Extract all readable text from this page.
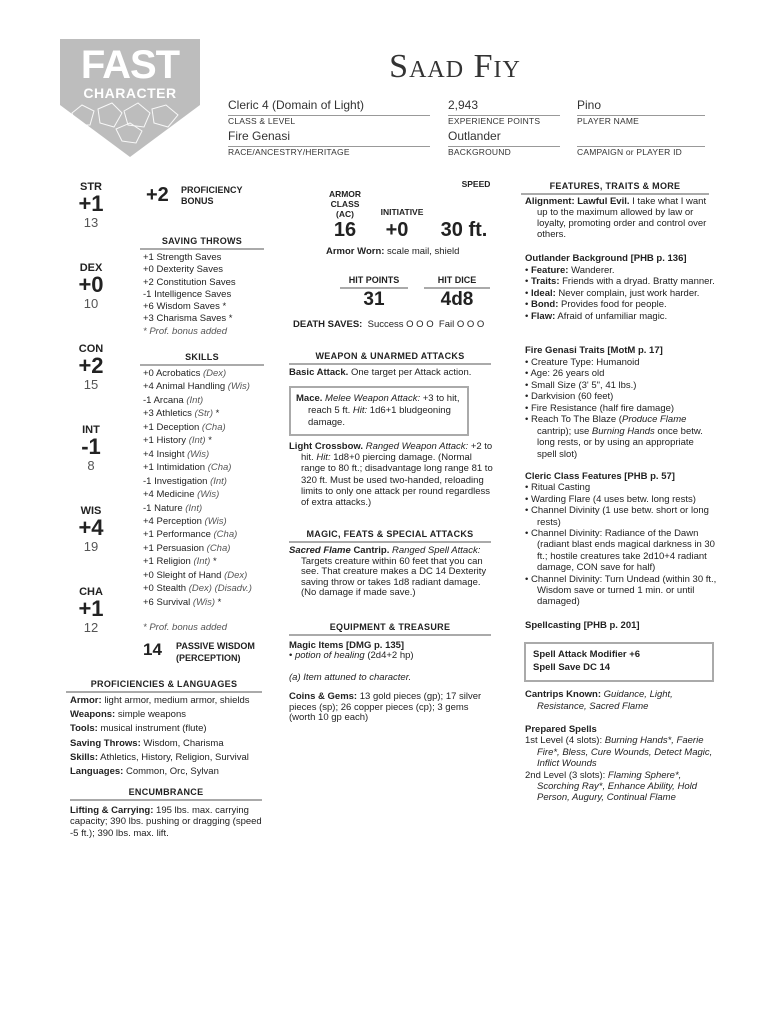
FAST
CHARACTER
Saad Fiy
Cleric 4 (Domain of Light)
CLASS & LEVEL
2,943
EXPERIENCE POINTS
Pino
PLAYER NAME
Fire Genasi
RACE/ANCESTRY/HERITAGE
Outlander
BACKGROUND	CAMPAIGN or PLAYER ID
STR
+1
13
DEX
+0
10
CON
+2
15
INT
-1
8
WIS
+4
19
CHA
+1
12
+2 PROFICIENCY
BONUS
SAVING THROWS
+1 Strength Saves
+0 Dexterity Saves
+2 Constitution Saves
-1 Intelligence Saves
+6 Wisdom Saves *
+3 Charisma Saves *
* Prof. bonus added
SKILLS
+0 Acrobatics (Dex)
+4 Animal Handling (Wis)
-1 Arcana (Int)
+3 Athletics (Str) *
+1 Deception (Cha)
+1 History (Int) *
+4 Insight (Wis)
+1 Intimidation (Cha)
-1 Investigation (Int)
+4 Medicine (Wis)
-1 Nature (Int)
+4 Perception (Wis)
+1 Performance (Cha)
+1 Persuasion (Cha)
+1 Religion (Int) *
+0 Sleight of Hand (Dex)
+0 Stealth (Dex) (Disadv.)
+6 Survival (Wis) *
* Prof. bonus added
14 PASSIVE WISDOM
(PERCEPTION)
PROFICIENCIES & LANGUAGES
Armor: light armor, medium armor, shields
Weapons: simple weapons
Tools: musical instrument (flute)
Saving Throws: Wisdom, Charisma
Skills: Athletics, History, Religion, Survival
Languages: Common, Orc, Sylvan
ENCUMBRANCE
Lifting & Carrying: 195 lbs. max. carrying capacity; 390 lbs. pushing or dragging (speed -5 ft.); 390 lbs. max. lift.
ARMOR CLASS (AC)
16
INITIATIVE
+0
SPEED
30 ft.
Armor Worn: scale mail, shield
HIT POINTS
31
HIT DICE
4d8
DEATH SAVES: Success O O O Fail O O O
WEAPON & UNARMED ATTACKS
Basic Attack. One target per Attack action.
Mace. Melee Weapon Attack: +3 to hit, reach 5 ft. Hit: 1d6+1 bludgeoning damage.
Light Crossbow. Ranged Weapon Attack: +2 to hit. Hit: 1d8+0 piercing damage. (Normal range to 80 ft.; disadvantage long range 81 to 320 ft. Must be used two-handed, reloading limits to only one attack per round regardless of extra attacks.)
MAGIC, FEATS & SPECIAL ATTACKS
Sacred Flame Cantrip. Ranged Spell Attack: Targets creature within 60 feet that you can see. That creature makes a DC 14 Dexterity saving throw or takes 1d8 radiant damage. (No damage if made save.)
EQUIPMENT & TREASURE
Magic Items [DMG p. 135]
• potion of healing (2d4+2 hp)
(a) Item attuned to character.
Coins & Gems: 13 gold pieces (gp); 17 silver pieces (sp); 26 copper pieces (cp); 3 gems (worth 10 gp each)
FEATURES, TRAITS & MORE
Alignment: Lawful Evil. I take what I want up to the maximum allowed by law or loyalty, promoting order and control over others.
Outlander Background [PHB p. 136]
• Feature: Wanderer.
• Traits: Friends with a dryad. Bratty manner.
• Ideal: Never complain, just work harder.
• Bond: Provides food for people.
• Flaw: Afraid of unfamiliar magic.
Fire Genasi Traits [MotM p. 17]
• Creature Type: Humanoid
• Age: 26 years old
• Small Size (3' 5", 41 lbs.)
• Darkvision (60 feet)
• Fire Resistance (half fire damage)
• Reach To The Blaze (Produce Flame cantrip); use Burning Hands once betw. long rests, or by using an appropriate spell slot)
Cleric Class Features [PHB p. 57]
• Ritual Casting
• Warding Flare (4 uses betw. long rests)
• Channel Divinity (1 use betw. short or long rests)
• Channel Divinity: Radiance of the Dawn (radiant blast ends magical darkness in 30 ft.; hostile creatures take 2d10+4 radiant damage, CON save for half)
• Channel Divinity: Turn Undead (within 30 ft., Wisdom save or turned 1 min. or until damaged)
Spellcasting [PHB p. 201]
Spell Attack Modifier +6
Spell Save DC 14
Cantrips Known: Guidance, Light, Resistance, Sacred Flame
Prepared Spells
1st Level (4 slots): Burning Hands*, Faerie Fire*, Bless, Cure Wounds, Detect Magic, Inflict Wounds
2nd Level (3 slots): Flaming Sphere*, Scorching Ray*, Enhance Ability, Hold Person, Augury, Continual Flame
